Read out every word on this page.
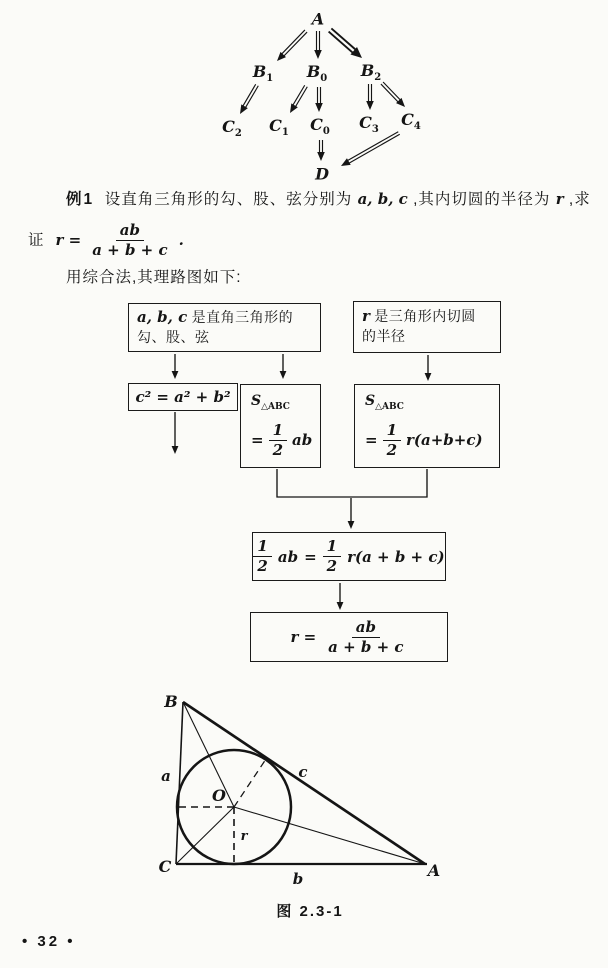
A
$B_1$ $B_0$ $B_2$
$C_2$ $C_1$ $C_0$ $C_3$
$C_4$
D
例1 设直角三角形的勾、股、弦分别为 a, b, c ,其内切圆的半径为 r ,求
证 $r = \frac{ab}{a + b + c}$ .
用综合法,其理路图如下:
a, b, c 是直角三角形的
勾、股、弦
r 是三角形内切圆
的半径
c² = a² + b² $S_{\triangle ABC}$
= $\frac{1}{2}$ ab
$S_{\triangle ABC}$
= $\frac{1}{2} r(a+b+c)$
$\frac{1}{2}$ ab = $\frac{1}{2} r(a + b + c)$
$r = \frac{ab}{a + b + c}$
B
C	A
a
b
c
O
r
图 2.3-1
• 32 •
